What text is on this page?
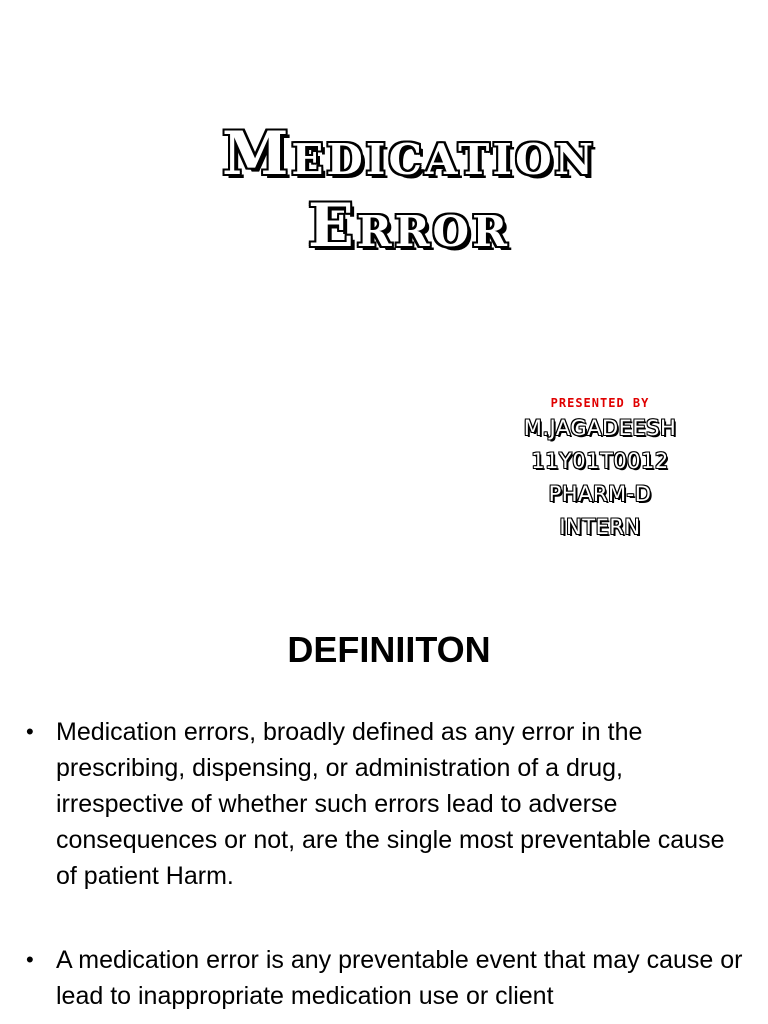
Medication
Error
PRESENTED BY
M.JAGADEESH
11Y01T0012
PHARM-D
INTERN
DEFINIITON
• Medication errors, broadly defined as any error in the prescribing, dispensing, or administration of a drug, irrespective of whether such errors lead to adverse consequences or not, are the single most preventable cause of patient Harm.
• A medication error is any preventable event that may cause or lead to inappropriate medication use or client
